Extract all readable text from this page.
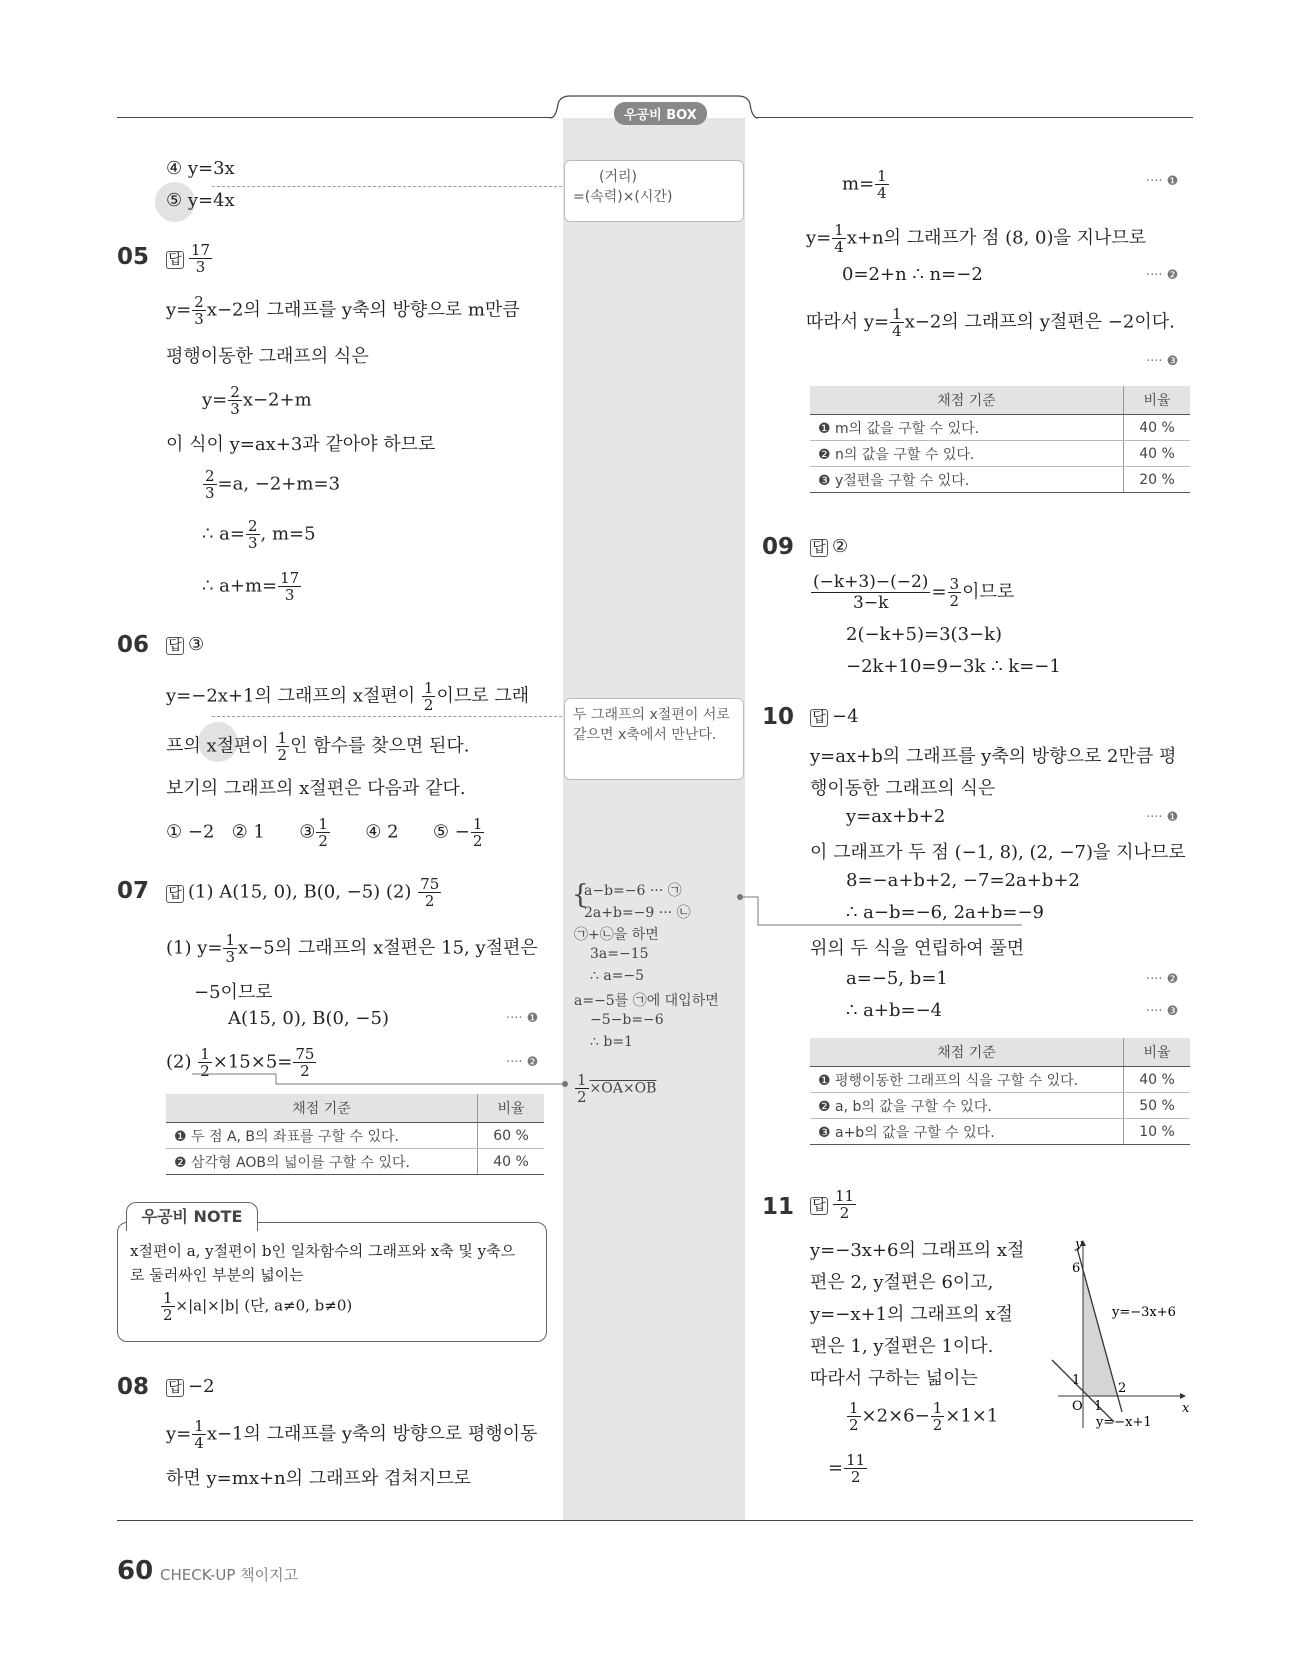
우공비 BOX
④ y=3x
⑤ y=4x
05 답 $\frac{17}{3}$
$y= \frac{2}{3} x-2$의 그래프를 y축의 방향으로 m만큼
평행이동한 그래프의 식은
$y= \frac{2}{3} x-2+m$
이 식이 y=ax+3과 같아야 하므로
$\frac{2}{3} =a$, −2+m=3
∴ $a= \frac{2}{3}$ , m=5
∴ $a+m= \frac{17}{3}$
06 답 ③
y=−2x+1의 그래프의 x절편이 $\frac{1}{2}$ 이므로 그래
프의 x절편이 $\frac{1}{2}$ 인 함수를 찾으면 된다.
보기의 그래프의 x절편은 다음과 같다.
① −2 ② 1 ③ $\frac{1}{2}$ ④ 2 ⑤ − $\frac{1}{2}$
07 답 (1) A(15, 0), B(0, −5) $(2) \frac{75}{2}$
(1) $y= \frac{1}{3} x-5$의 그래프의 x절편은 15, y절편은
−5이므로
A(15, 0), B(0, −5)	···· ❶
$(2) \frac{1}{2} \times 15\times 5= \frac{75}{2}$	···· ❷
채점 기준	비율
❶ 두 점 A, B의 좌표를 구할 수 있다.	60 %
❷ 삼각형 AOB의 넓이를 구할 수 있다.	40 %
우공비 NOTE
x절편이 a, y절편이 b인 일차함수의 그래프와 x축 및 y축으
로 둘러싸인 부분의 넓이는
$\frac{1}{2} \times|a|\times|b|$ (단, a≠0, b≠0)
08 답 −2
$y= \frac{1}{4} x-1$의 그래프를 y축의 방향으로 평행이동
하면 y=mx+n의 그래프와 겹쳐지므로
(거리)
=(속력)×(시간)
두 그래프의 x절편이 서로 같으면 x축에서 만난다.
{
a−b=−6 ··· ㉠
2a+b=−9 ··· ㉡
㉠+㉡을 하면
3a=−15
∴ a=−5
a=−5를 ㉠에 대입하면
−5−b=−6
∴ b=1
$\frac{1}{2} \times OA\times OB$
$m= \frac{1}{4}$	···· ❶
$y= \frac{1}{4} x+n$의 그래프가 점 (8, 0)을 지나므로
0=2+n ∴ n=−2	···· ❷
따라서 $y= \frac{1}{4} x-2$의 그래프의 y절편은 −2이다.
···· ❸
채점 기준	비율
❶ m의 값을 구할 수 있다.	40 %
❷ n의 값을 구할 수 있다.	40 %
❸ y절편을 구할 수 있다.	20 %
09 답 ②
$\frac{(-k+3)-(-2)}{3-k} = \frac{3}{2}$ 이므로
2(−k+5)=3(3−k)
−2k+10=9−3k ∴ k=−1
10 답 −4
y=ax+b의 그래프를 y축의 방향으로 2만큼 평
행이동한 그래프의 식은
y=ax+b+2	···· ❶
이 그래프가 두 점 (−1, 8), (2, −7)을 지나므로
8=−a+b+2, −7=2a+b+2
∴ a−b=−6, 2a+b=−9
위의 두 식을 연립하여 풀면
a=−5, b=1	···· ❷
∴ a+b=−4	···· ❸
채점 기준	비율
❶ 평행이동한 그래프의 식을 구할 수 있다.	40 %
❷ a, b의 값을 구할 수 있다.	50 %
❸ a+b의 값을 구할 수 있다.	10 %
11 답 $\frac{11}{2}$
y=−3x+6의 그래프의 x절
편은 2, y절편은 6이고,
y=−x+1의 그래프의 x절
편은 1, y절편은 1이다.
따라서 구하는 넓이는
$\frac{1}{2} \times 2\times 6- \frac{1}{2} \times 1\times 1$
= $\frac{11}{2}$
y
x
O
6
1
1
2
y=−3x+6
y=−x+1
60 CHECK-UP 책이지고
